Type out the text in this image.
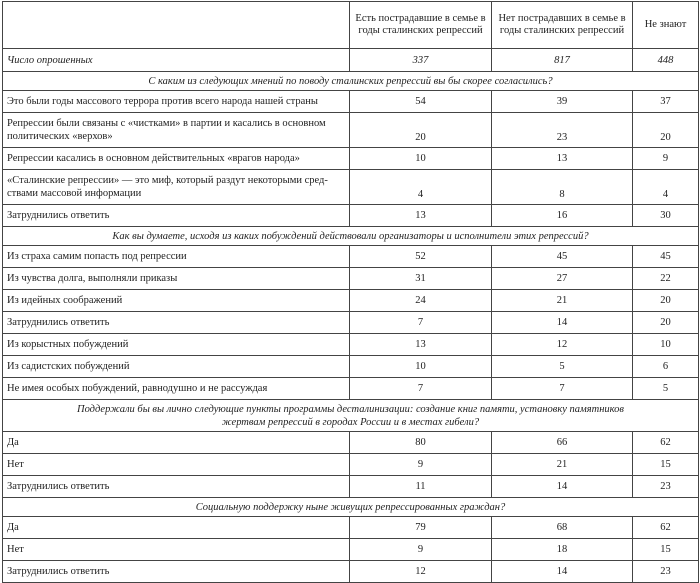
	Есть пострадавшие в семье в годы сталинских репрессий	Нет пострадавших в семье в годы сталинских репрессий	Не знают
Число опрошенных	337	817	448
С каким из следующих мнений по поводу сталинских репрессий вы бы скорее согласились?			
Это были годы массового террора против всего народа нашей страны	54	39	37
Репрессии были связаны с «чистками» в партии и касались в основном политических «верхов»	20	23	20
Репрессии касались в основном действительных «врагов народа»	10	13	9
«Сталинские репрессии» — это миф, который раздут некоторыми средствами массовой информации	4	8	4
Затруднились ответить	13	16	30
Как вы думаете, исходя из каких побуждений действовали организаторы и исполнители этих репрессий?			
Из страха самим попасть под репрессии	52	45	45
Из чувства долга, выполняли приказы	31	27	22
Из идейных соображений	24	21	20
Затруднились ответить	7	14	20
Из корыстных побуждений	13	12	10
Из садистских побуждений	10	5	6
Не имея особых побуждений, равнодушно и не рассуждая	7	7	5
Поддержали бы вы лично следующие пункты программы десталинизации: создание книг памяти, установку памятников жертвам репрессий в городах России и в местах гибели?			
Да	80	66	62
Нет	9	21	15
Затруднились ответить	11	14	23
Социальную поддержку ныне живущих репрессированных граждан?			
Да	79	68	62
Нет	9	18	15
Затруднились ответить	12	14	23
